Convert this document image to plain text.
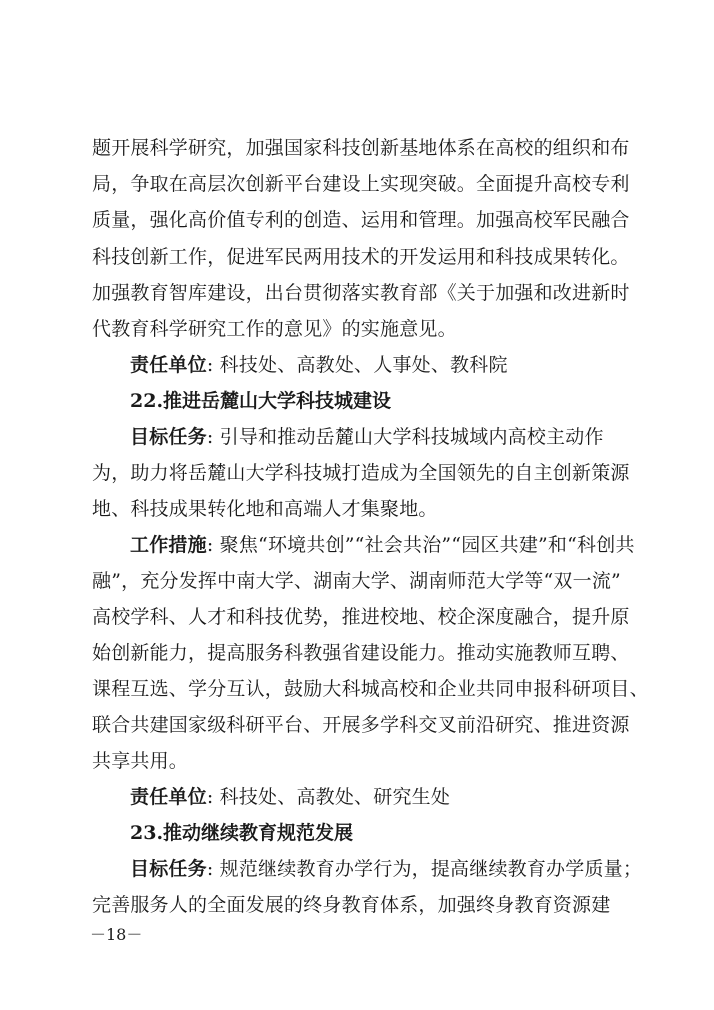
题开展科学研究，加强国家科技创新基地体系在高校的组织和布
局，争取在高层次创新平台建设上实现突破。全面提升高校专利
质量，强化高价值专利的创造、运用和管理。加强高校军民融合
科技创新工作，促进军民两用技术的开发运用和科技成果转化。
加强教育智库建设，出台贯彻落实教育部《关于加强和改进新时
代教育科学研究工作的意见》的实施意见。
责任单位: 科技处、高教处、人事处、教科院
22.推进岳麓山大学科技城建设
目标任务: 引导和推动岳麓山大学科技城域内高校主动作
为，助力将岳麓山大学科技城打造成为全国领先的自主创新策源
地、科技成果转化地和高端人才集聚地。
工作措施: 聚焦“环境共创”“社会共治”“园区共建”和“科创共
融”，充分发挥中南大学、湖南大学、湖南师范大学等“双一流”
高校学科、人才和科技优势，推进校地、校企深度融合，提升原
始创新能力，提高服务科教强省建设能力。推动实施教师互聘、
课程互选、学分互认，鼓励大科城高校和企业共同申报科研项目、
联合共建国家级科研平台、开展多学科交叉前沿研究、推进资源
共享共用。
责任单位: 科技处、高教处、研究生处
23.推动继续教育规范发展
目标任务: 规范继续教育办学行为，提高继续教育办学质量；
完善服务人的全面发展的终身教育体系，加强终身教育资源建
－18－
